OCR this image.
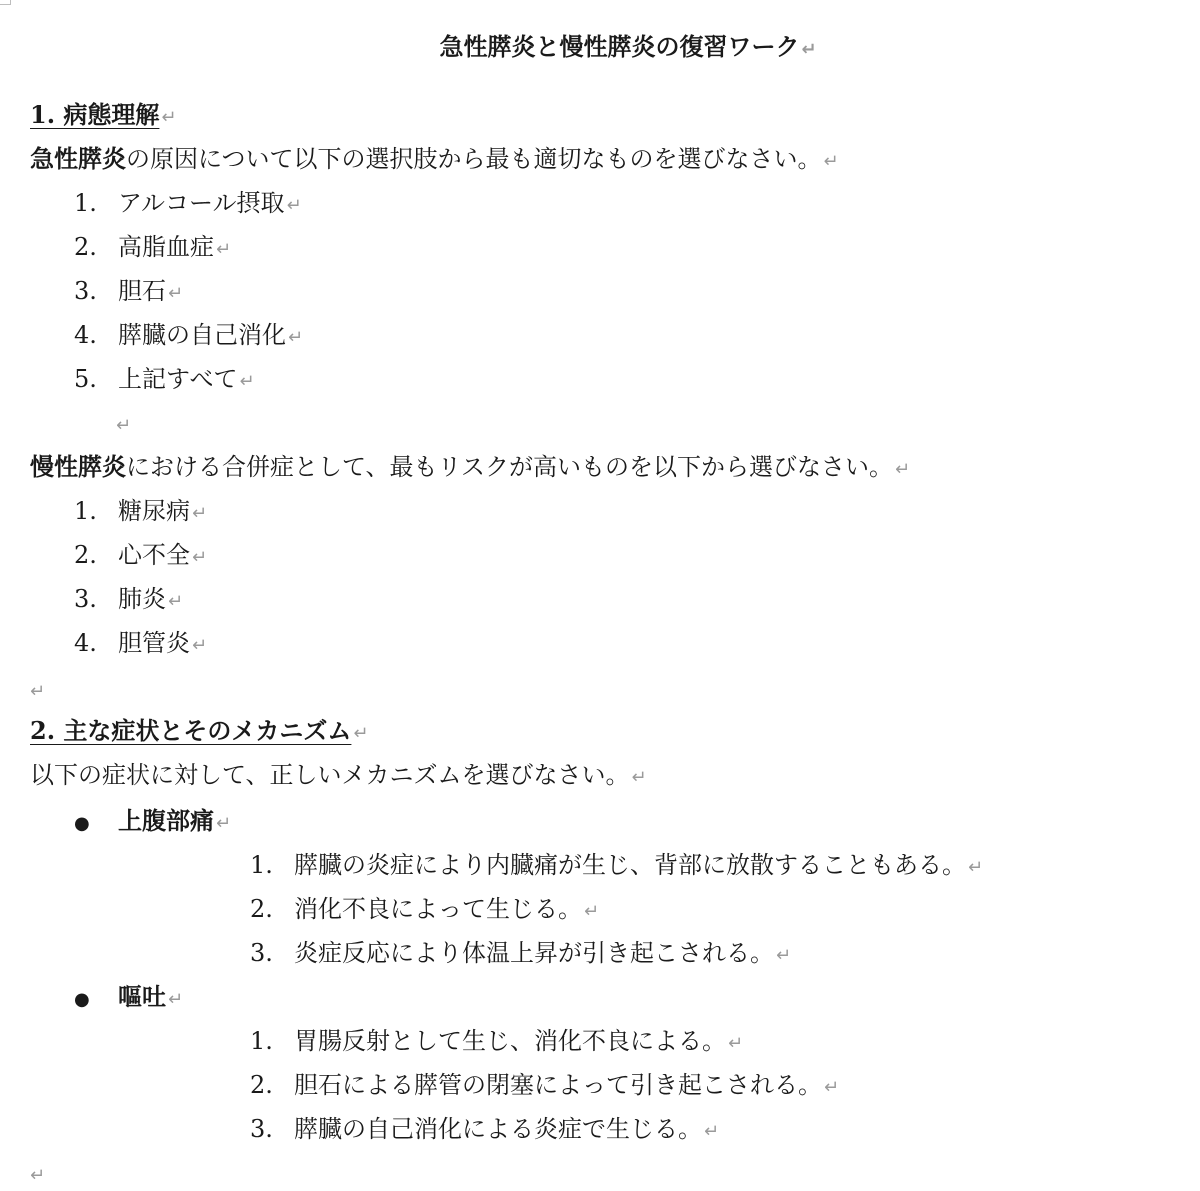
急性膵炎と慢性膵炎の復習ワーク ↵
1. 病態理解 ↵
急性膵炎の原因について以下の選択肢から最も適切なものを選びなさい。 ↵
1. アルコール摂取 ↵
2. 高脂血症 ↵
3. 胆石 ↵
4. 膵臓の自己消化 ↵
5. 上記すべて ↵
↵
慢性膵炎における合併症として、最もリスクが高いものを以下から選びなさい。 ↵
1. 糖尿病 ↵
2. 心不全 ↵
3. 肺炎 ↵
4. 胆管炎 ↵
↵
2. 主な症状とそのメカニズム ↵
以下の症状に対して、正しいメカニズムを選びなさい。 ↵
● 上腹部痛 ↵
1. 膵臓の炎症により内臓痛が生じ、背部に放散することもある。 ↵
2. 消化不良によって生じる。 ↵
3. 炎症反応により体温上昇が引き起こされる。 ↵
● 嘔吐 ↵
1. 胃腸反射として生じ、消化不良による。 ↵
2. 胆石による膵管の閉塞によって引き起こされる。 ↵
3. 膵臓の自己消化による炎症で生じる。 ↵
↵
